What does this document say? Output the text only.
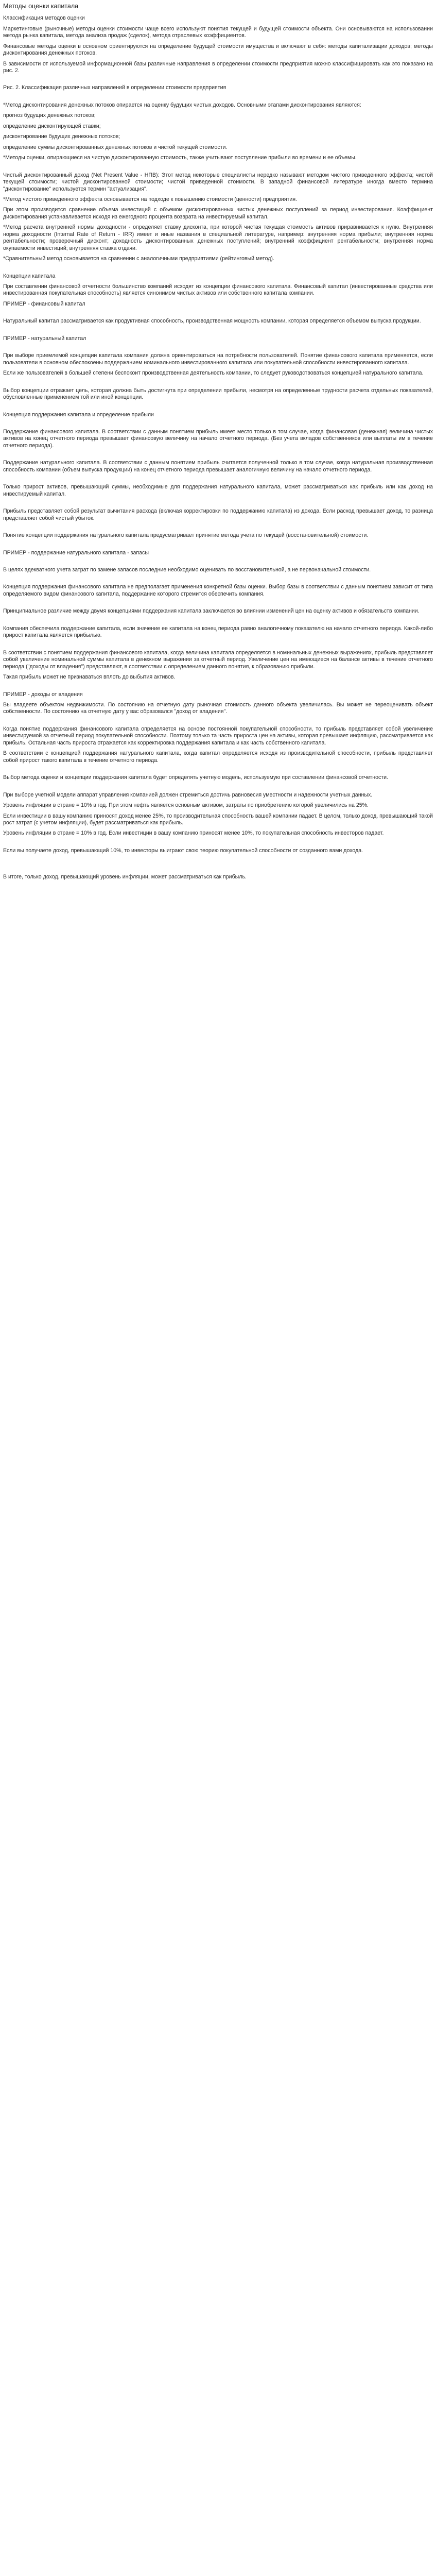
Методы оценки капитала

Классификация методов оценки

Маркетинговые (рыночные) методы оценки стоимости чаще всего используют понятия текущей и будущей стоимости объекта. Они основываются на использовании метода рынка капитала, метода анализа продаж (сделок), метода отраслевых коэффициентов.

Финансовые методы оценки в основном ориентируются на определение будущей стоимости имущества и включают в себя: методы капитализации доходов; методы дисконтирования денежных потоков.

В зависимости от используемой информационной базы различные направления в определении стоимости предприятия можно классифицировать как это показано на рис. 2.

Рис. 2. Классификация различных направлений в определении стоимости предприятия

*Метод дисконтирования денежных потоков опирается на оценку будущих чистых доходов. Основными этапами дисконтирования являются:

прогноз будущих денежных потоков;

определение дисконтирующей ставки;

дисконтирование будущих денежных потоков;

определение суммы дисконтированных денежных потоков и чистой текущей стоимости.

*Методы оценки, опирающиеся на чистую дисконтированную стоимость, также учитывают поступление прибыли во времени и ее объемы.

Чистый дисконтированный доход (Net Present Value - НПВ): Этот метод некоторые специалисты нередко называют методом чистого приведенного эффекта; чистой текущей стоимости; чистой дисконтированной стоимости; чистой приведенной стоимости. В западной финансовой литературе иногда вместо термина "дисконтирование" используется термин "актуализация".

*Метод чистого приведенного эффекта основывается на подходе к повышению стоимости (ценности) предприятия.

При этом производится сравнение объема инвестиций с объемом дисконтированных чистых денежных поступлений за период инвестирования. Коэффициент дисконтирования устанавливается исходя из ежегодного процента возврата на инвестируемый капитал.

*Метод расчета внутренней нормы доходности - определяет ставку дисконта, при которой чистая текущая стоимость активов приравнивается к нулю. Внутренняя норма доходности (Internal Rate of Return - IRR) имеет и иные названия в специальной литературе, например: внутренняя норма прибыли; внутренняя норма рентабельности; проверочный дисконт; доходность дисконтированных денежных поступлений; внутренний коэффициент рентабельности; внутренняя норма окупаемости инвестиций; внутренняя ставка отдачи.

*Сравнительный метод основывается на сравнении с аналогичными предприятиями (рейтинговый метод).

Концепции капитала

При составлении финансовой отчетности большинство компаний исходят из концепции финансового капитала. Финансовый капитал (инвестированные средства или инвестированная покупательная способность) является синонимом чистых активов или собственного капитала компании.

ПРИМЕР - финансовый капитал

Натуральный капитал рассматривается как продуктивная способность, производственная мощность компании, которая определяется объемом выпуска продукции.

ПРИМЕР - натуральный капитал

При выборе приемлемой концепции капитала компания должна ориентироваться на потребности пользователей. Понятие финансового капитала применяется, если пользователи в основном обеспокоены поддержанием номинального инвестированного капитала или покупательной способности инвестированного капитала.

Если же пользователей в большей степени беспокоит производственная деятельность компании, то следует руководствоваться концепцией натурального капитала.

Выбор концепции отражает цель, которая должна быть достигнута при определении прибыли, несмотря на определенные трудности расчета отдельных показателей, обусловленные применением той или иной концепции.

Концепция поддержания капитала и определение прибыли

Поддержание финансового капитала. В соответствии с данным понятием прибыль имеет место только в том случае, когда финансовая (денежная) величина чистых активов на конец отчетного периода превышает финансовую величину на начало отчетного периода. (Без учета вкладов собственников или выплаты им в течение отчетного периода).

Поддержание натурального капитала. В соответствии с данным понятием прибыль считается полученной только в том случае, когда натуральная производственная способность компании (объем выпуска продукции) на конец отчетного периода превышает аналогичную величину на начало отчетного периода.

Только прирост активов, превышающий суммы, необходимые для поддержания натурального капитала, может рассматриваться как прибыль или как доход на инвестируемый капитал.

Прибыль представляет собой результат вычитания расхода (включая корректировки по поддержанию капитала) из дохода. Если расход превышает доход, то разница представляет собой чистый убыток.

Понятие концепции поддержания натурального капитала предусматривает принятие метода учета по текущей (восстановительной) стоимости.

ПРИМЕР - поддержание натурального капитала - запасы

В целях адекватного учета затрат по замене запасов последние необходимо оценивать по восстановительной, а не первоначальной стоимости.

Концепция поддержания финансового капитала не предполагает применения конкретной базы оценки. Выбор базы в соответствии с данным понятием зависит от типа определяемого видом финансового капитала, поддержание которого стремится обеспечить компания.

Принципиальное различие между двумя концепциями поддержания капитала заключается во влиянии изменений цен на оценку активов и обязательств компании.

Компания обеспечила поддержание капитала, если значение ее капитала на конец периода равно аналогичному показателю на начало отчетного периода. Какой-либо прирост капитала является прибылью.

В соответствии с понятием поддержания финансового капитала, когда величина капитала определяется в номинальных денежных выражениях, прибыль представляет собой увеличение номинальной суммы капитала в денежном выражении за отчетный период. Увеличение цен на имеющиеся на балансе активы в течение отчетного периода ("доходы от владения") представляют, в соответствии с определением данного понятия, к образованию прибыли.

Такая прибыль может не признаваться вплоть до выбытия активов.

ПРИМЕР - доходы от владения

Вы владеете объектом недвижимости. По состоянию на отчетную дату рыночная стоимость данного объекта увеличилась. Вы может не переоценивать объект собственности. По состоянию на отчетную дату у вас образовался "доход от владения".

Когда понятие поддержания финансового капитала определяется на основе постоянной покупательной способности, то прибыль представляет собой увеличение инвестируемой за отчетный период покупательной способности. Поэтому только та часть прироста цен на активы, которая превышает инфляцию, рассматривается как прибыль. Остальная часть прироста отражается как корректировка поддержания капитала и как часть собственного капитала.

В соответствии с концепцией поддержания натурального капитала, когда капитал определяется исходя из производительной способности, прибыль представляет собой прирост такого капитала в течение отчетного периода.

Выбор метода оценки и концепции поддержания капитала будет определять учетную модель, используемую при составлении финансовой отчетности.

При выборе учетной модели аппарат управления компанией должен стремиться достичь равновесия уместности и надежности учетных данных.

Уровень инфляции в стране = 10% в год. При этом нефть является основным активом, затраты по приобретению которой увеличились на 25%.

Если инвестиции в вашу компанию приносят доход менее 25%, то производительная способность вашей компании падает. В целом, только доход, превышающий такой рост затрат (с учетом инфляции), будет рассматриваться как прибыль.

Уровень инфляции в стране = 10% в год. Если инвестиции в вашу компанию приносят менее 10%, то покупательная способность инвесторов падает.

Если вы получаете доход, превышающий 10%, то инвесторы выиграют свою теорию покупательной способности от созданного вами дохода.

В итоге, только доход, превышающий уровень инфляции, может рассматриваться как прибыль.
